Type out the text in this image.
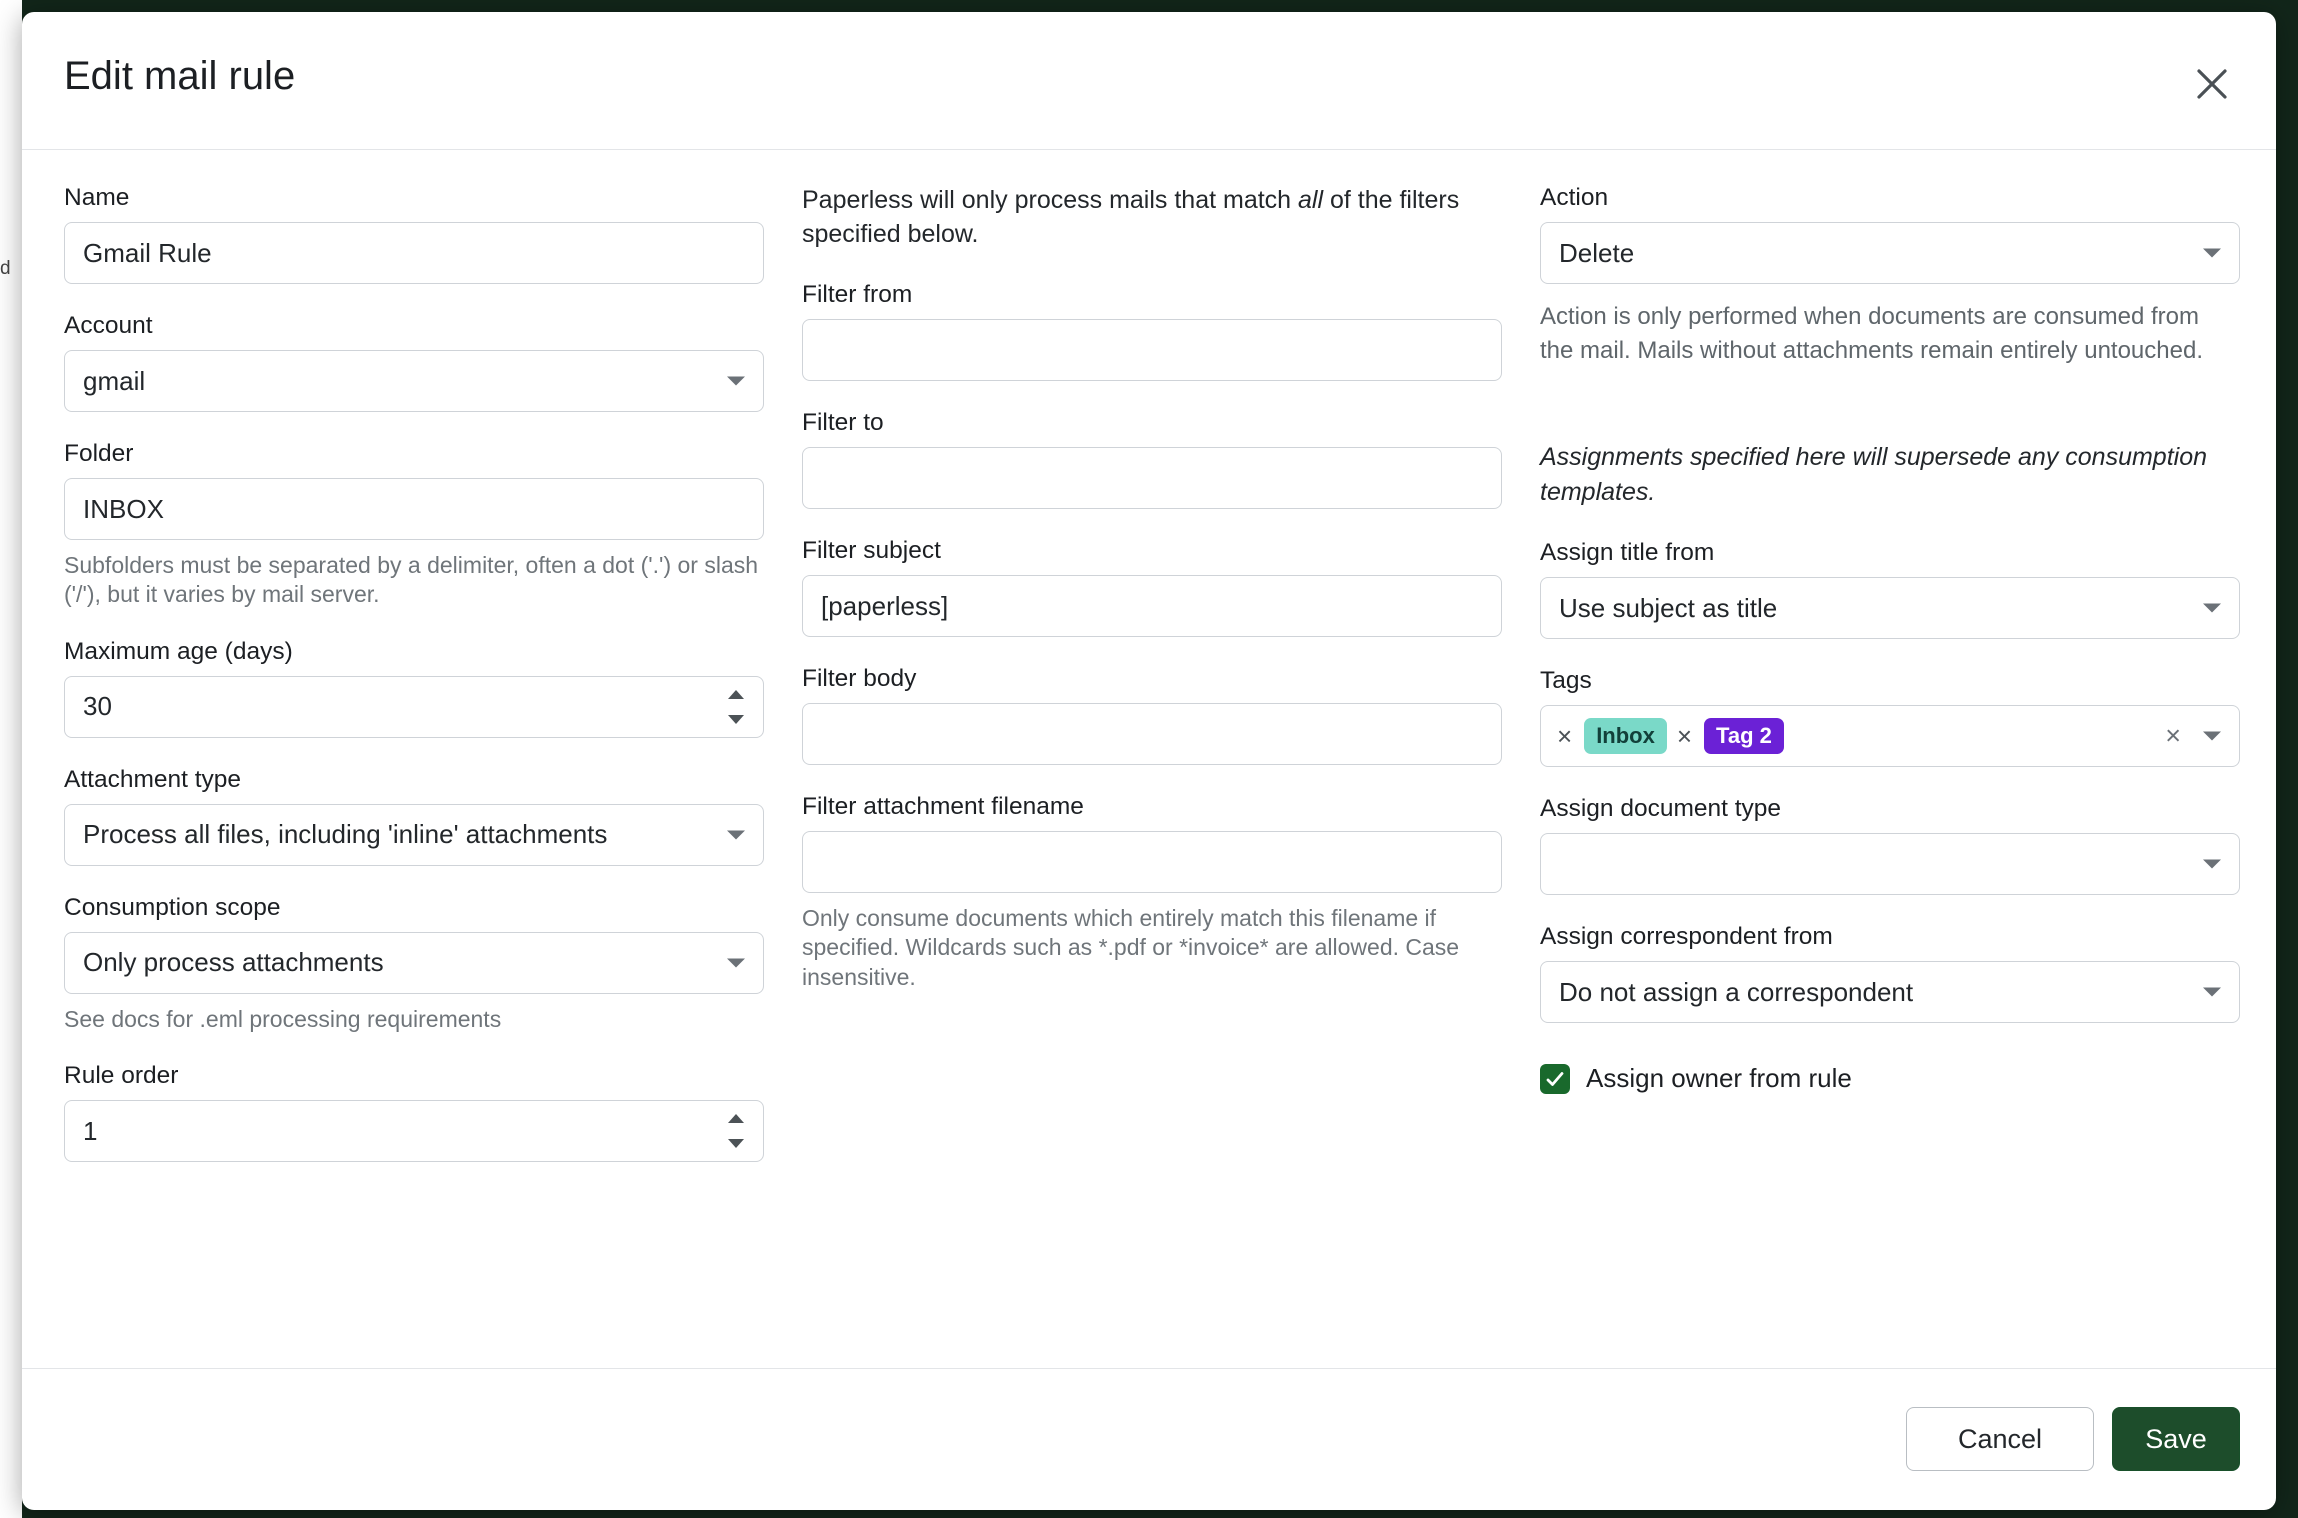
d
Edit mail rule
Name
Gmail Rule
Account
gmail
Folder
INBOX

Subfolders must be separated by a delimiter, often a dot ('.') or slash ('/'), but it varies by mail server.

Maximum age (days)
30
Attachment type
Process all files, including 'inline' attachments
Consumption scope
Only process attachments

See docs for .eml processing requirements

Rule order
1

Paperless will only process mails that match all of the filters specified below.

Filter from
Filter to
Filter subject
[paperless]
Filter body
Filter attachment filename

Only consume documents which entirely match this filename if specified. Wildcards such as *.pdf or *invoice* are allowed. Case insensitive.

Action
Delete

Action is only performed when documents are consumed from the mail. Mails without attachments remain entirely untouched.

Assignments specified here will supersede any consumption templates.

Assign title from
Use subject as title
Tags
×	Inbox ×	Tag 2	×
Assign document type
Assign correspondent from
Do not assign a correspondent
Assign owner from rule
Cancel	Save
